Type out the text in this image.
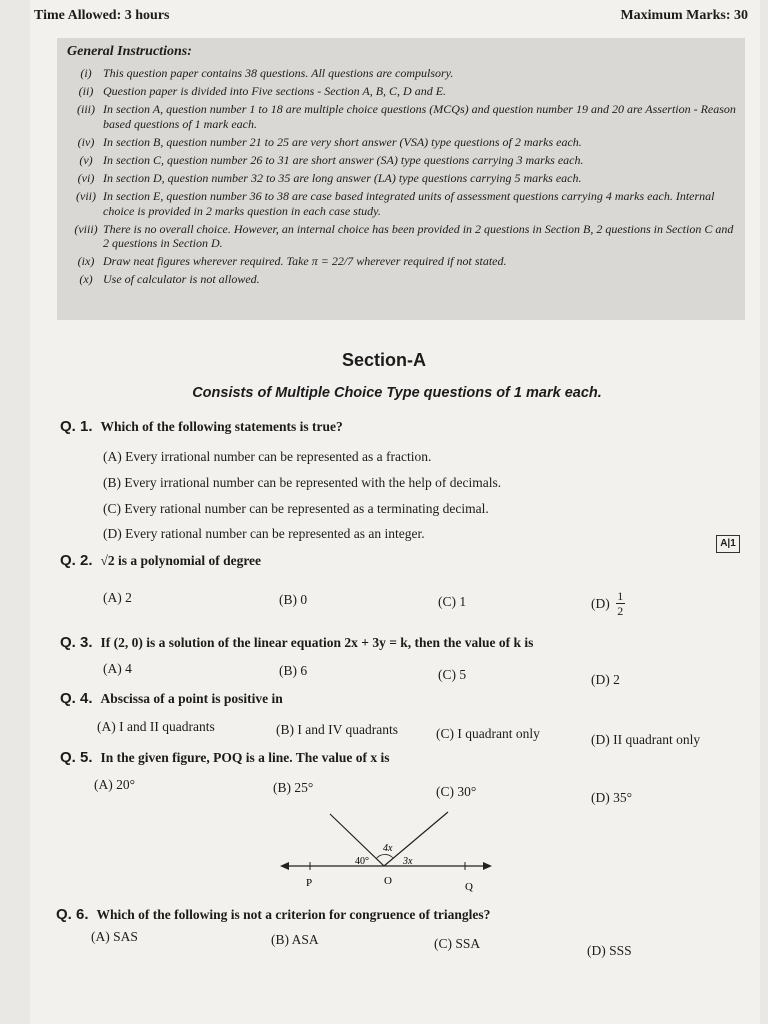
Time Allowed: 3 hours	Maximum Marks: 30
General Instructions:
(i) This question paper contains 38 questions. All questions are compulsory.
(ii) Question paper is divided into Five sections - Section A, B, C, D and E.
(iii) In section A, question number 1 to 18 are multiple choice questions (MCQs) and question number 19 and 20 are Assertion - Reason based questions of 1 mark each.
(iv) In section B, question number 21 to 25 are very short answer (VSA) type questions of 2 marks each.
(v) In section C, question number 26 to 31 are short answer (SA) type questions carrying 3 marks each.
(vi) In section D, question number 32 to 35 are long answer (LA) type questions carrying 5 marks each.
(vii) In section E, question number 36 to 38 are case based integrated units of assessment questions carrying 4 marks each. Internal choice is provided in 2 marks question in each case study.
(viii) There is no overall choice. However, an internal choice has been provided in 2 questions in Section B, 2 questions in Section C and 2 questions in Section D.
(ix) Draw neat figures wherever required. Take π = 22/7 wherever required if not stated.
(x) Use of calculator is not allowed.
Section-A
Consists of Multiple Choice Type questions of 1 mark each.
Q. 1. Which of the following statements is true?
(A) Every irrational number can be represented as a fraction.
(B) Every irrational number can be represented with the help of decimals.
(C) Every rational number can be represented as a terminating decimal.
(D) Every rational number can be represented as an integer.
A|1
Q. 2. √2 is a polynomial of degree
(A) 2	(B) 0	(C) 1	$(D) \frac{1}{2}$
Q. 3. If (2, 0) is a solution of the linear equation 2x + 3y = k, then the value of k is
(A) 4	(B) 6	(C) 5	(D) 2
Q. 4. Abscissa of a point is positive in
(A) I and II quadrants	(B) I and IV quadrants	(C) I quadrant only	(D) II quadrant only
Q. 5. In the given figure, POQ is a line. The value of x is
(A) 20°	(B) 25°	(C) 30°	(D) 35°
40°
4x
3x
P	O	Q
Q. 6. Which of the following is not a criterion for congruence of triangles?
(A) SAS	(B) ASA	(C) SSA	(D) SSS
